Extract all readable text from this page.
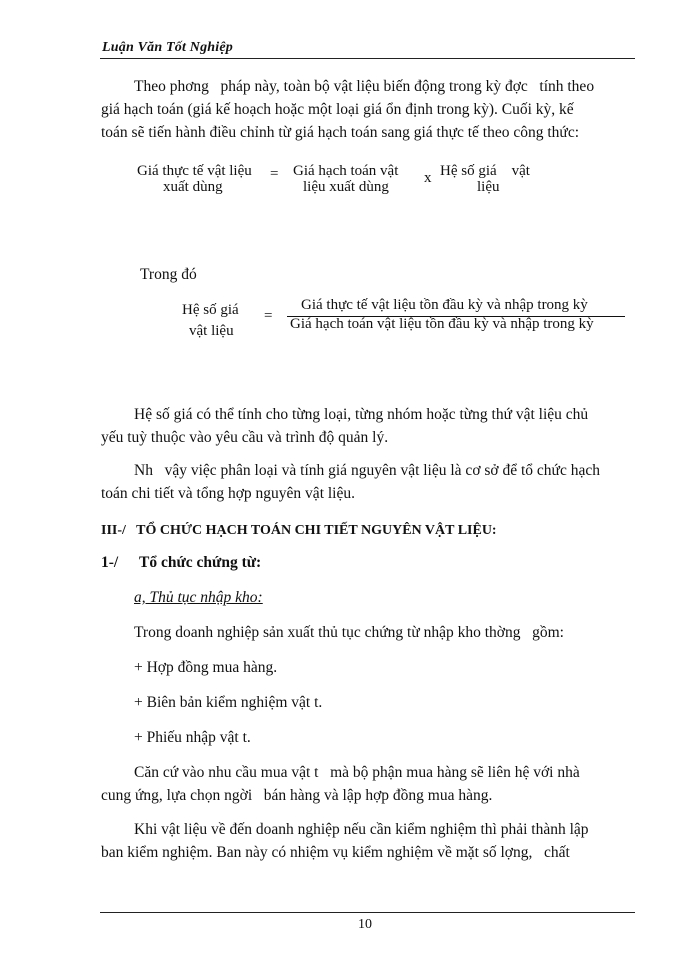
Luận Văn Tốt Nghiệp
Theo phơng   pháp này, toàn bộ vật liệu biến động trong kỳ đợc   tính theo
giá hạch toán (giá kế hoạch hoặc một loại giá ổn định trong kỳ). Cuối kỳ, kế
toán sẽ tiến hành điều chỉnh từ giá hạch toán sang giá thực tế theo công thức:
Giá thực tế vật liệu
xuất dùng
= Giá hạch toán vật
liệu xuất dùng
x Hệ số giá    vật
liệu
Trong đó
Hệ số giá
vật liệu
=
Giá thực tế vật liệu tồn đầu kỳ và nhập trong kỳ
Giá hạch toán vật liệu tồn đầu kỳ và nhập trong kỳ
Hệ số giá có thể tính cho từng loại, từng nhóm hoặc từng thứ vật liệu chủ
yếu tuỳ thuộc vào yêu cầu và trình độ quản lý.
Nh   vậy việc phân loại và tính giá nguyên vật liệu là cơ sở để tổ chức hạch
toán chi tiết và tổng hợp nguyên vật liệu.
III-/   TỔ CHỨC HẠCH TOÁN CHI TIẾT NGUYÊN VẬT LIỆU:
1-/ Tổ chức chứng từ:
a, Thủ tục nhập kho:
Trong doanh nghiệp sản xuất thủ tục chứng từ nhập kho thờng   gồm:
+ Hợp đồng mua hàng.
+ Biên bản kiểm nghiệm vật t.
+ Phiếu nhập vật t.
Căn cứ vào nhu cầu mua vật t   mà bộ phận mua hàng sẽ liên hệ với nhà
cung ứng, lựa chọn ngời   bán hàng và lập hợp đồng mua hàng.
Khi vật liệu về đến doanh nghiệp nếu cần kiểm nghiệm thì phải thành lập
ban kiểm nghiệm. Ban này có nhiệm vụ kiểm nghiệm về mặt số lợng,   chất
10
